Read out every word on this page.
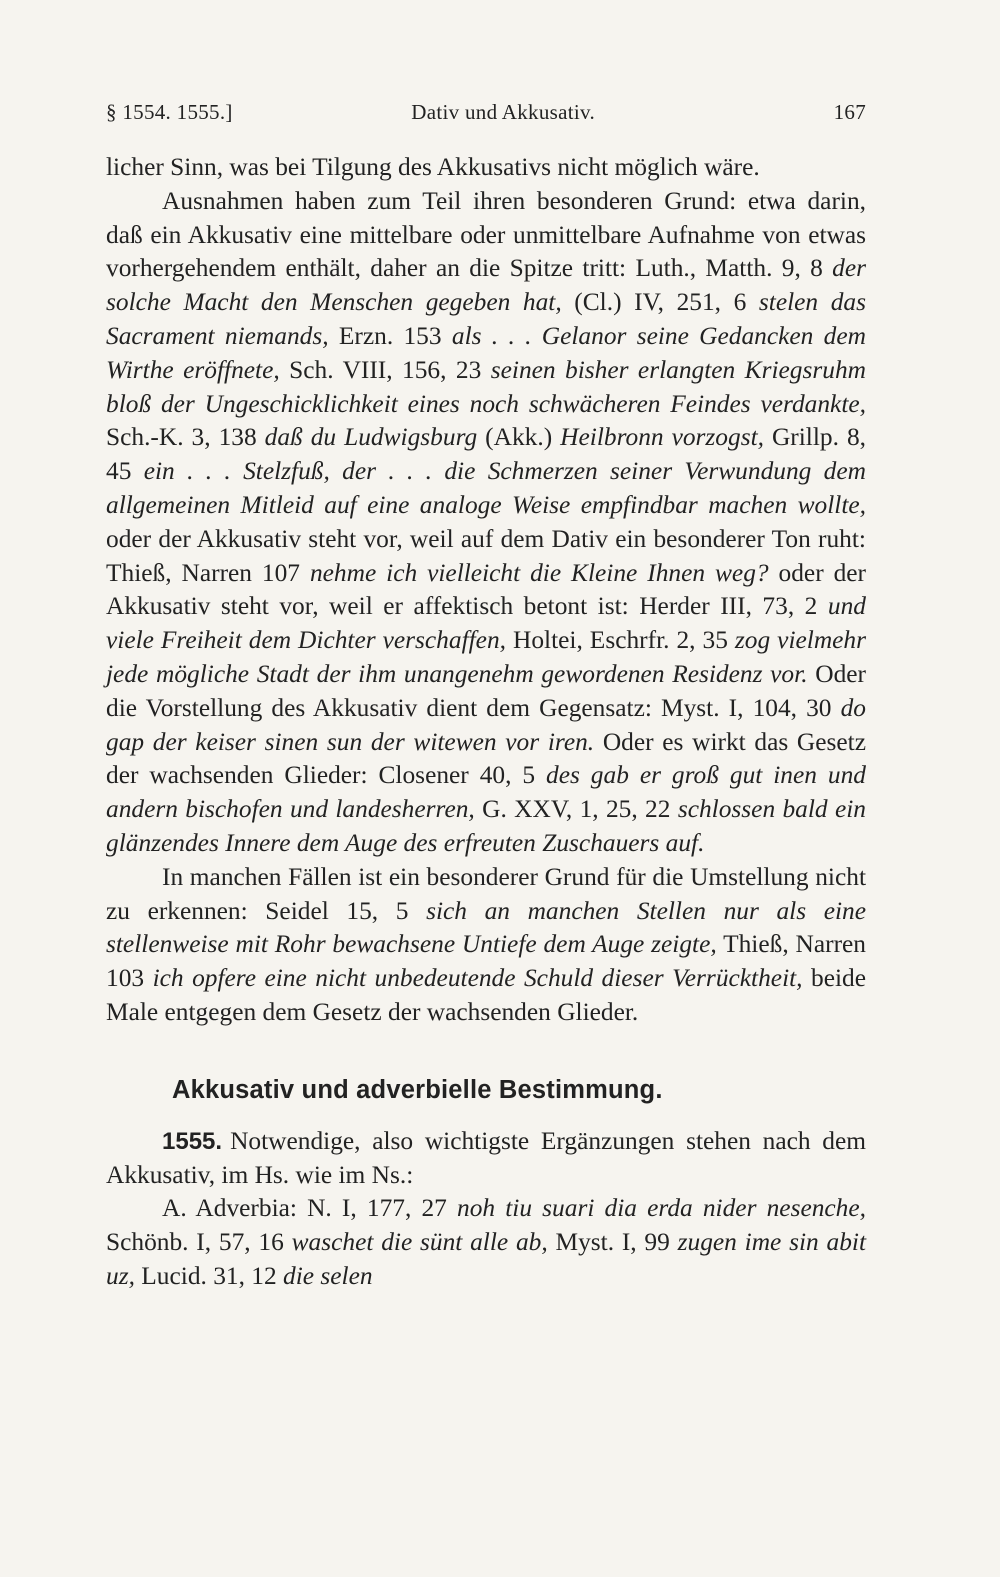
§ 1554. 1555.]	Dativ und Akkusativ.	167

licher Sinn, was bei Tilgung des Akkusativs nicht möglich wäre.

Ausnahmen haben zum Teil ihren besonderen Grund: etwa darin, daß ein Akkusativ eine mittelbare oder unmittelbare Aufnahme von etwas vorhergehendem enthält, daher an die Spitze tritt: Luth., Matth. 9, 8 der solche Macht den Menschen gegeben hat, (Cl.) IV, 251, 6 stelen das Sacrament niemands, Erzn. 153 als . . . Gelanor seine Gedancken dem Wirthe eröffnete, Sch. VIII, 156, 23 seinen bisher erlangten Kriegsruhm bloß der Ungeschicklichkeit eines noch schwächeren Feindes verdankte, Sch.-K. 3, 138 daß du Ludwigsburg (Akk.) Heilbronn vorzogst, Grillp. 8, 45 ein . . . Stelzfuß, der . . . die Schmerzen seiner Verwundung dem allgemeinen Mitleid auf eine analoge Weise empfindbar machen wollte, oder der Akkusativ steht vor, weil auf dem Dativ ein besonderer Ton ruht: Thieß, Narren 107 nehme ich vielleicht die Kleine Ihnen weg? oder der Akkusativ steht vor, weil er affektisch betont ist: Herder III, 73, 2 und viele Freiheit dem Dichter verschaffen, Holtei, Eschrfr. 2, 35 zog vielmehr jede mögliche Stadt der ihm unangenehm gewordenen Residenz vor. Oder die Vorstellung des Akkusativ dient dem Gegensatz: Myst. I, 104, 30 do gap der keiser sinen sun der witewen vor iren. Oder es wirkt das Gesetz der wachsenden Glieder: Closener 40, 5 des gab er groß gut inen und andern bischofen und landesherren, G. XXV, 1, 25, 22 schlossen bald ein glänzendes Innere dem Auge des erfreuten Zuschauers auf.

In manchen Fällen ist ein besonderer Grund für die Umstellung nicht zu erkennen: Seidel 15, 5 sich an manchen Stellen nur als eine stellenweise mit Rohr bewachsene Untiefe dem Auge zeigte, Thieß, Narren 103 ich opfere eine nicht unbedeutende Schuld dieser Verrücktheit, beide Male entgegen dem Gesetz der wachsenden Glieder.

Akkusativ und adverbielle Bestimmung.

1555. Notwendige, also wichtigste Ergänzungen stehen nach dem Akkusativ, im Hs. wie im Ns.:

A. Adverbia: N. I, 177, 27 noh tiu suari dia erda nider nesenche, Schönb. I, 57, 16 waschet die sünt alle ab, Myst. I, 99 zugen ime sin abit uz, Lucid. 31, 12 die selen
